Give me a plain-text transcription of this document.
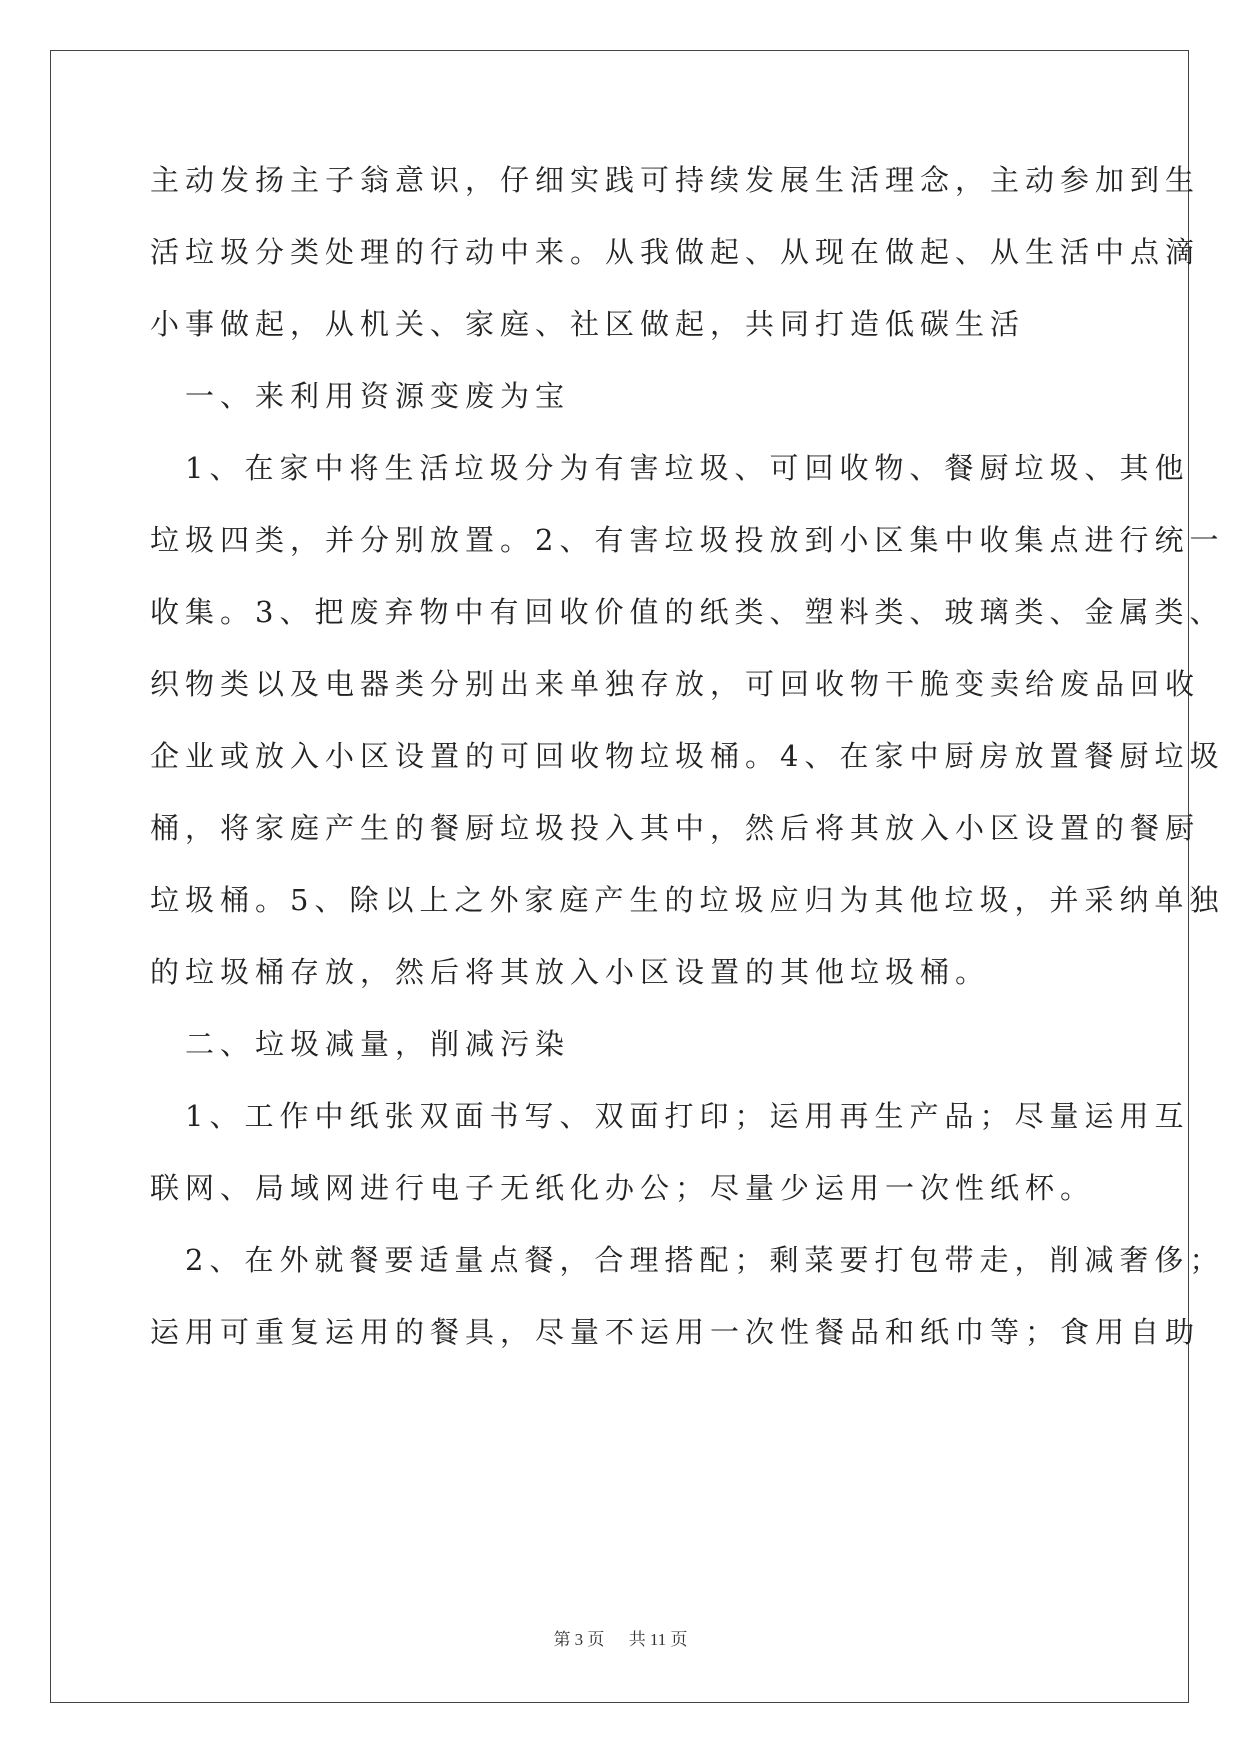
主动发扬主子翁意识，仔细实践可持续发展生活理念，主动参加到生
活垃圾分类处理的行动中来。从我做起、从现在做起、从生活中点滴
小事做起，从机关、家庭、社区做起，共同打造低碳生活
　一、来利用资源变废为宝
　1、在家中将生活垃圾分为有害垃圾、可回收物、餐厨垃圾、其他
垃圾四类，并分别放置。2、有害垃圾投放到小区集中收集点进行统一
收集。3、把废弃物中有回收价值的纸类、塑料类、玻璃类、金属类、
织物类以及电器类分别出来单独存放，可回收物干脆变卖给废品回收
企业或放入小区设置的可回收物垃圾桶。4、在家中厨房放置餐厨垃圾
桶，将家庭产生的餐厨垃圾投入其中，然后将其放入小区设置的餐厨
垃圾桶。5、除以上之外家庭产生的垃圾应归为其他垃圾，并采纳单独
的垃圾桶存放，然后将其放入小区设置的其他垃圾桶。
　二、垃圾减量，削减污染
　1、工作中纸张双面书写、双面打印；运用再生产品；尽量运用互
联网、局域网进行电子无纸化办公；尽量少运用一次性纸杯。
　2、在外就餐要适量点餐，合理搭配；剩菜要打包带走，削减奢侈；
运用可重复运用的餐具，尽量不运用一次性餐品和纸巾等；食用自助
第 3 页 共 11 页
